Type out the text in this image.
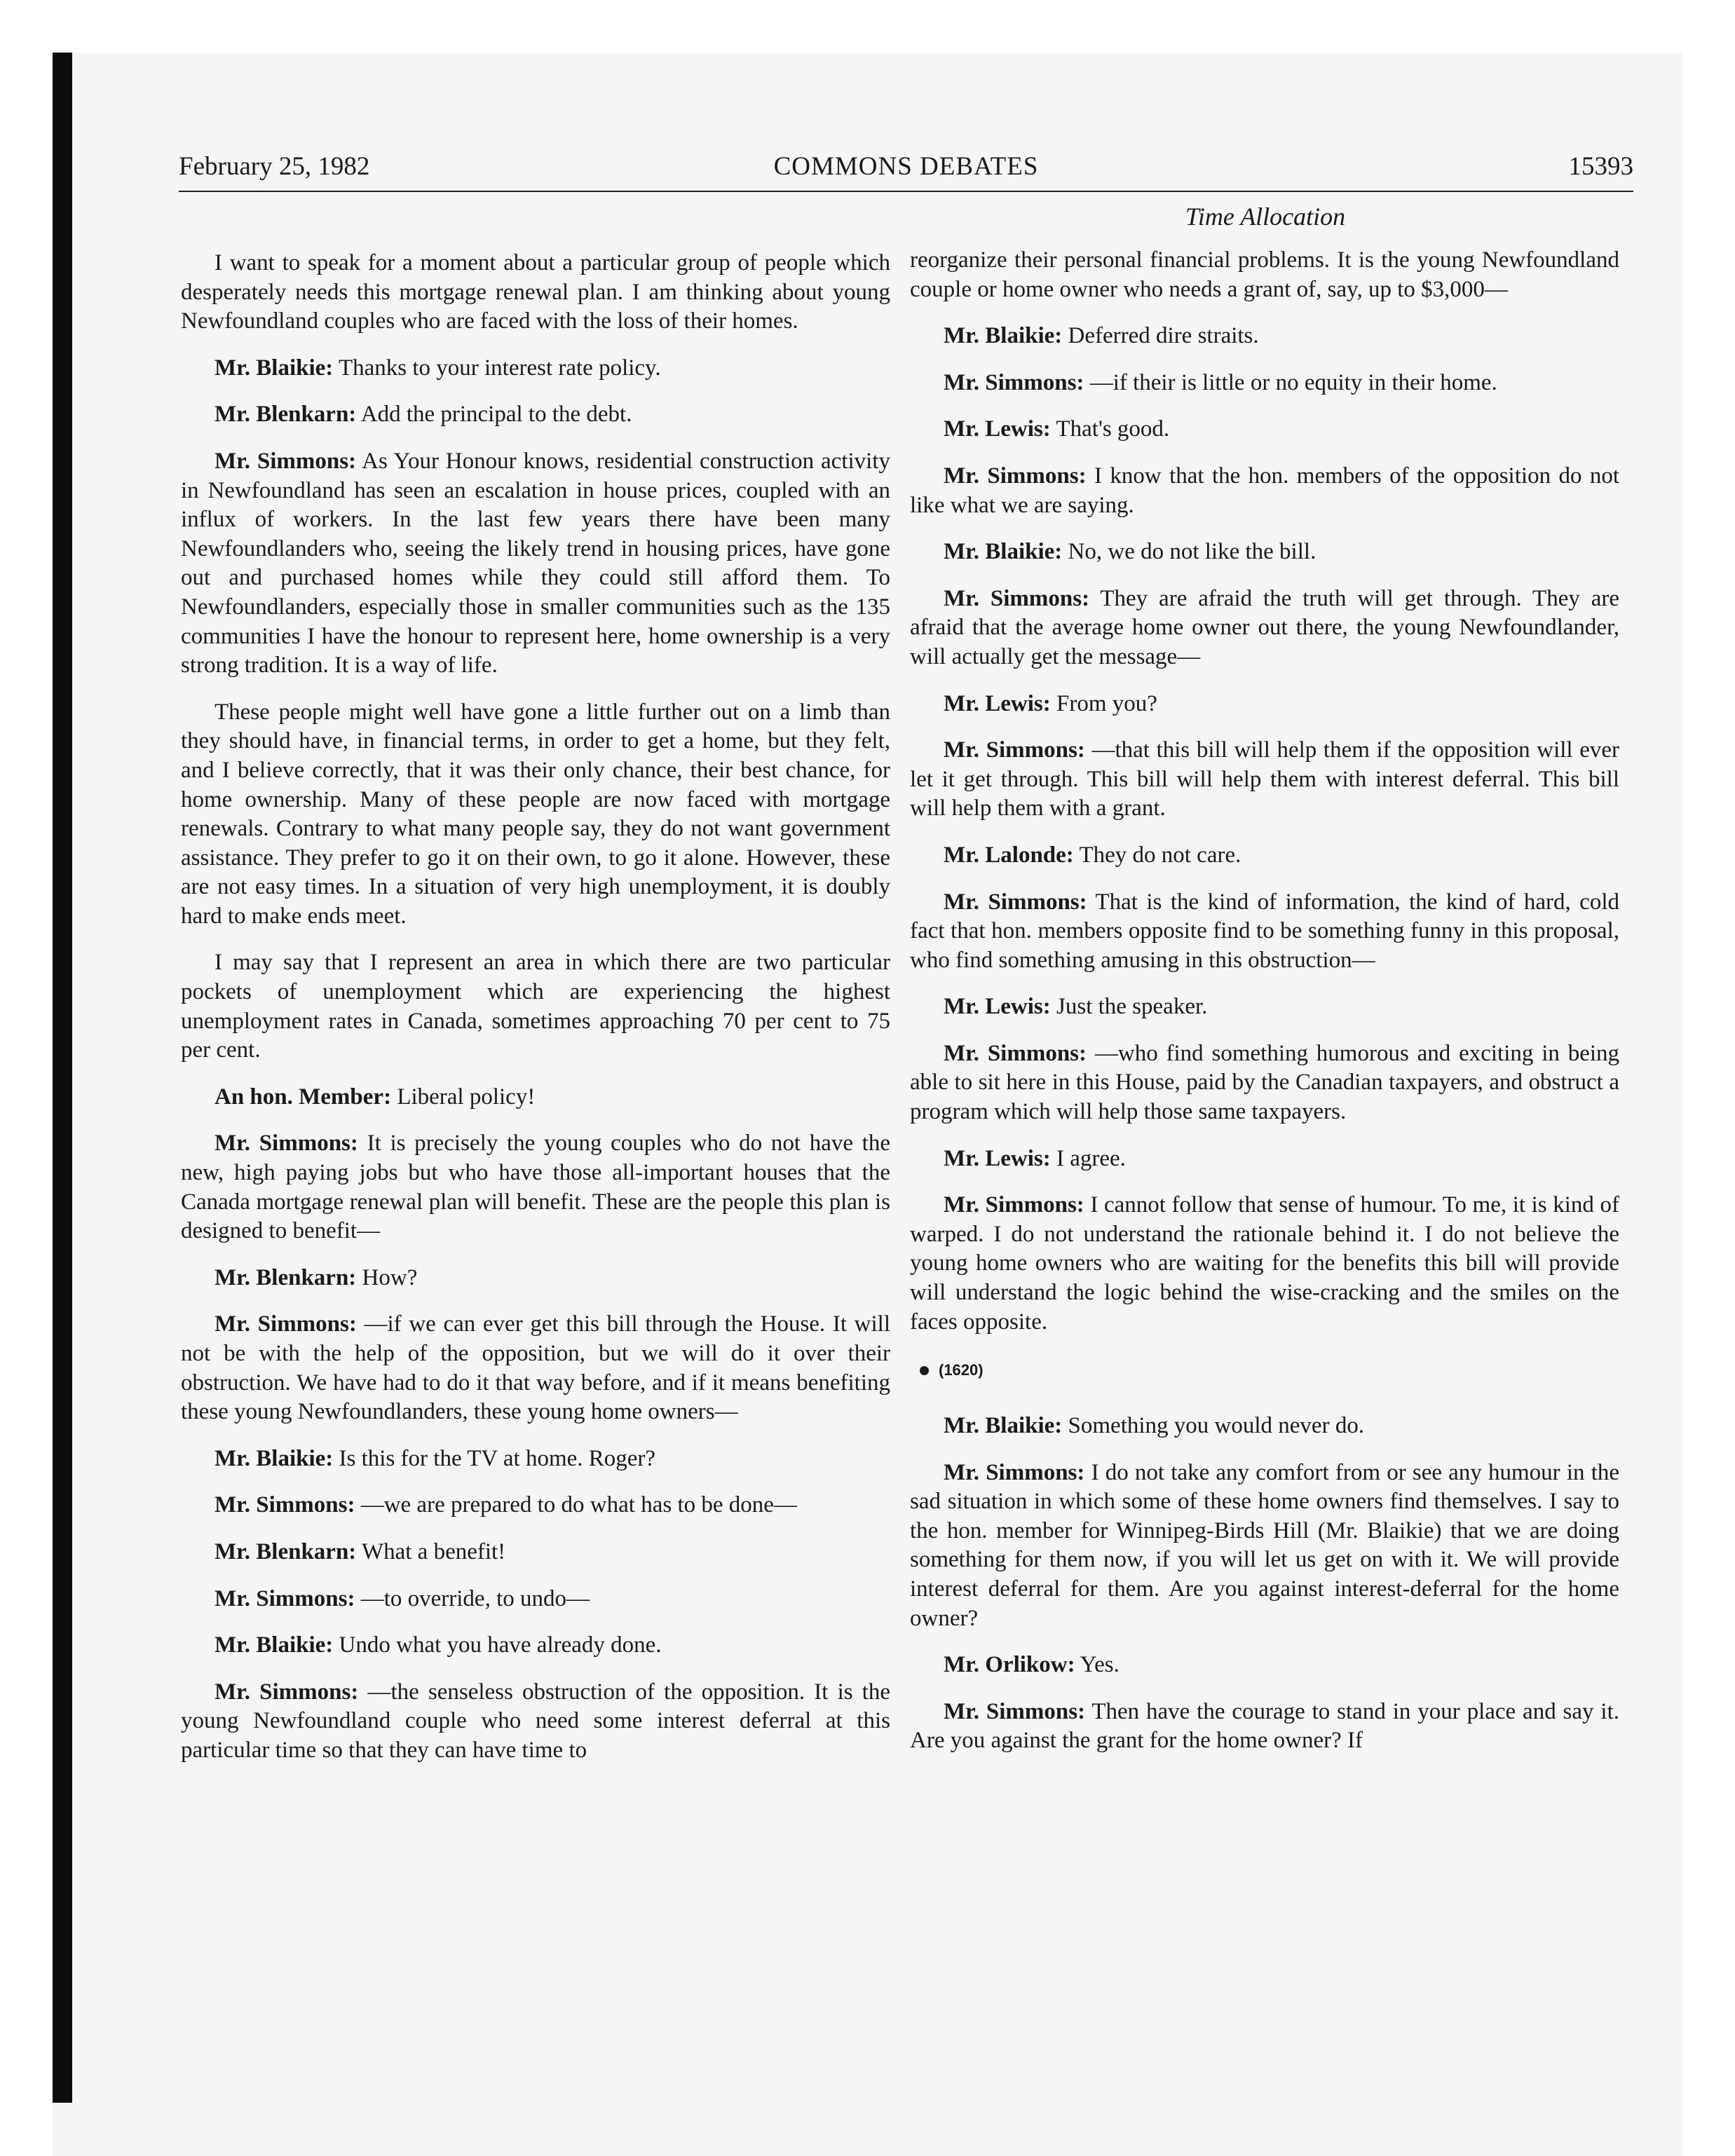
February 25, 1982	COMMONS DEBATES	15393
Time Allocation

I want to speak for a moment about a particular group of people which desperately needs this mortgage renewal plan. I am thinking about young Newfoundland couples who are faced with the loss of their homes.

Mr. Blaikie: Thanks to your interest rate policy.

Mr. Blenkarn: Add the principal to the debt.

Mr. Simmons: As Your Honour knows, residential construction activity in Newfoundland has seen an escalation in house prices, coupled with an influx of workers. In the last few years there have been many Newfoundlanders who, seeing the likely trend in housing prices, have gone out and purchased homes while they could still afford them. To Newfoundlanders, especially those in smaller communities such as the 135 communities I have the honour to represent here, home ownership is a very strong tradition. It is a way of life.

These people might well have gone a little further out on a limb than they should have, in financial terms, in order to get a home, but they felt, and I believe correctly, that it was their only chance, their best chance, for home ownership. Many of these people are now faced with mortgage renewals. Contrary to what many people say, they do not want government assistance. They prefer to go it on their own, to go it alone. However, these are not easy times. In a situation of very high unemployment, it is doubly hard to make ends meet.

I may say that I represent an area in which there are two particular pockets of unemployment which are experiencing the highest unemployment rates in Canada, sometimes approaching 70 per cent to 75 per cent.

An hon. Member: Liberal policy!

Mr. Simmons: It is precisely the young couples who do not have the new, high paying jobs but who have those all-important houses that the Canada mortgage renewal plan will benefit. These are the people this plan is designed to benefit—

Mr. Blenkarn: How?

Mr. Simmons: —if we can ever get this bill through the House. It will not be with the help of the opposition, but we will do it over their obstruction. We have had to do it that way before, and if it means benefiting these young Newfoundlanders, these young home owners—

Mr. Blaikie: Is this for the TV at home. Roger?

Mr. Simmons: —we are prepared to do what has to be done—

Mr. Blenkarn: What a benefit!

Mr. Simmons: —to override, to undo—

Mr. Blaikie: Undo what you have already done.

Mr. Simmons: —the senseless obstruction of the opposition. It is the young Newfoundland couple who need some interest deferral at this particular time so that they can have time to

reorganize their personal financial problems. It is the young Newfoundland couple or home owner who needs a grant of, say, up to $3,000—

Mr. Blaikie: Deferred dire straits.

Mr. Simmons: —if their is little or no equity in their home.

Mr. Lewis: That's good.

Mr. Simmons: I know that the hon. members of the opposition do not like what we are saying.

Mr. Blaikie: No, we do not like the bill.

Mr. Simmons: They are afraid the truth will get through. They are afraid that the average home owner out there, the young Newfoundlander, will actually get the message—

Mr. Lewis: From you?

Mr. Simmons: —that this bill will help them if the opposition will ever let it get through. This bill will help them with interest deferral. This bill will help them with a grant.

Mr. Lalonde: They do not care.

Mr. Simmons: That is the kind of information, the kind of hard, cold fact that hon. members opposite find to be something funny in this proposal, who find something amusing in this obstruction—

Mr. Lewis: Just the speaker.

Mr. Simmons: —who find something humorous and exciting in being able to sit here in this House, paid by the Canadian taxpayers, and obstruct a program which will help those same taxpayers.

Mr. Lewis: I agree.

Mr. Simmons: I cannot follow that sense of humour. To me, it is kind of warped. I do not understand the rationale behind it. I do not believe the young home owners who are waiting for the benefits this bill will provide will understand the logic behind the wise-cracking and the smiles on the faces opposite.

(1620)

Mr. Blaikie: Something you would never do.

Mr. Simmons: I do not take any comfort from or see any humour in the sad situation in which some of these home owners find themselves. I say to the hon. member for Winnipeg-Birds Hill (Mr. Blaikie) that we are doing something for them now, if you will let us get on with it. We will provide interest deferral for them. Are you against interest-deferral for the home owner?

Mr. Orlikow: Yes.

Mr. Simmons: Then have the courage to stand in your place and say it. Are you against the grant for the home owner? If
